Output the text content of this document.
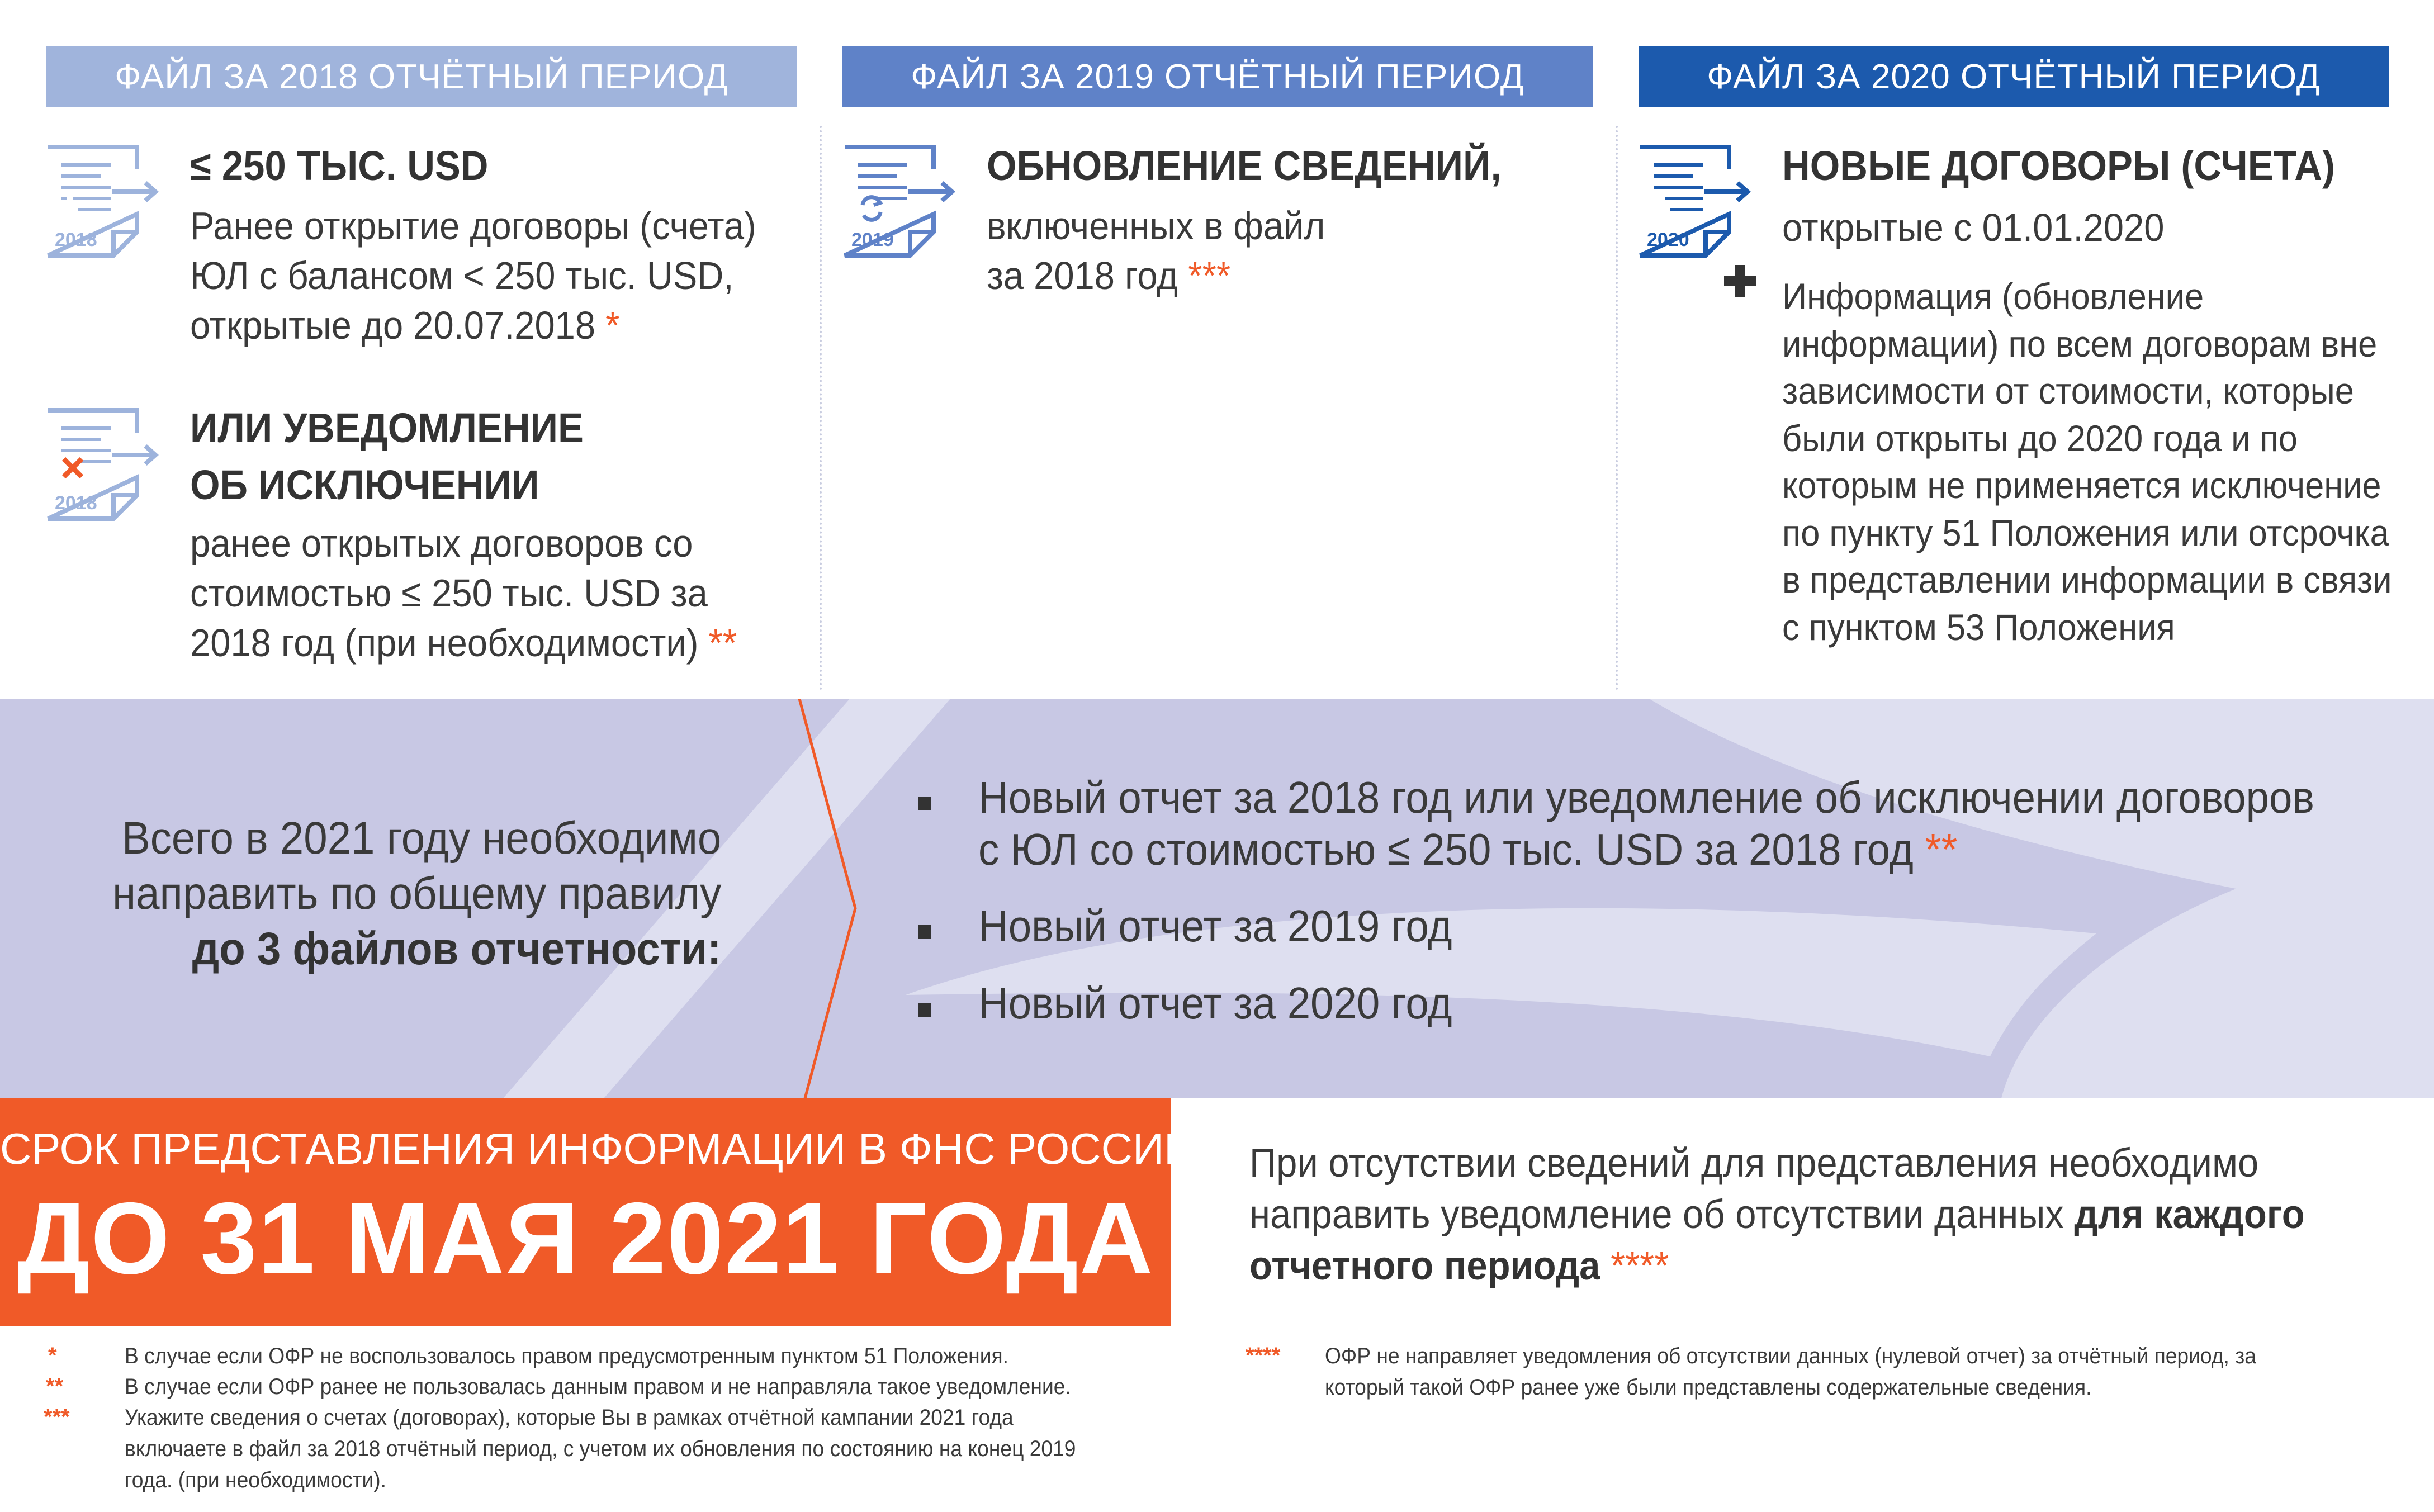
ФАЙЛ ЗА 2018 ОТЧЁТНЫЙ ПЕРИОД	ФАЙЛ ЗА 2019 ОТЧЁТНЫЙ ПЕРИОД	ФАЙЛ ЗА 2020 ОТЧЁТНЫЙ ПЕРИОД
2018
≤ 250 ТЫС. USD
Ранее открытие договоры (счета)
ЮЛ с балансом < 250 тыс. USD,
открытые до 20.07.2018 *
2018
ИЛИ УВЕДОМЛЕНИЕ
ОБ ИСКЛЮЧЕНИИ
ранее открытых договоров со
стоимостью ≤ 250 тыс. USD за
2018 год (при необходимости) **
2019
ОБНОВЛЕНИЕ СВЕДЕНИЙ,
включенных в файл
за 2018 год ***
2020
НОВЫЕ ДОГОВОРЫ (СЧЕТА)
открытые с 01.01.2020
Информация (обновление
информации) по всем договорам вне
зависимости от стоимости, которые
были открыты до 2020 года и по
которым не применяется исключение
по пункту 51 Положения или отсрочка
в представлении информации в связи
с пунктом 53 Положения
Всего в 2021 году необходимо
направить по общему правилу
до 3 файлов отчетности:
Новый отчет за 2018 год или уведомление об исключении договоров
с ЮЛ со стоимостью ≤ 250 тыс. USD за 2018 год **
Новый отчет за 2019 год
Новый отчет за 2020 год
СРОК ПРЕДСТАВЛЕНИЯ ИНФОРМАЦИИ В ФНС РОССИИ
ДО 31 МАЯ 2021 ГОДА
При отсутствии сведений для представления необходимо
направить уведомление об отсутствии данных для каждого
отчетного периода ****
*	В случае если ОФР не воспользовалось правом предусмотренным пунктом 51 Положения.
**	В случае если ОФР ранее не пользовалась данным правом и не направляла такое уведомление.
*** Укажите сведения о счетах (договорах), которые Вы в рамках отчётной кампании 2021 года
включаете в файл за 2018 отчётный период, с учетом их обновления по состоянию на конец 2019
года. (при необходимости).
**** ОФР не направляет уведомления об отсутствии данных (нулевой отчет) за отчётный период, за
который такой ОФР ранее уже были представлены содержательные сведения.
